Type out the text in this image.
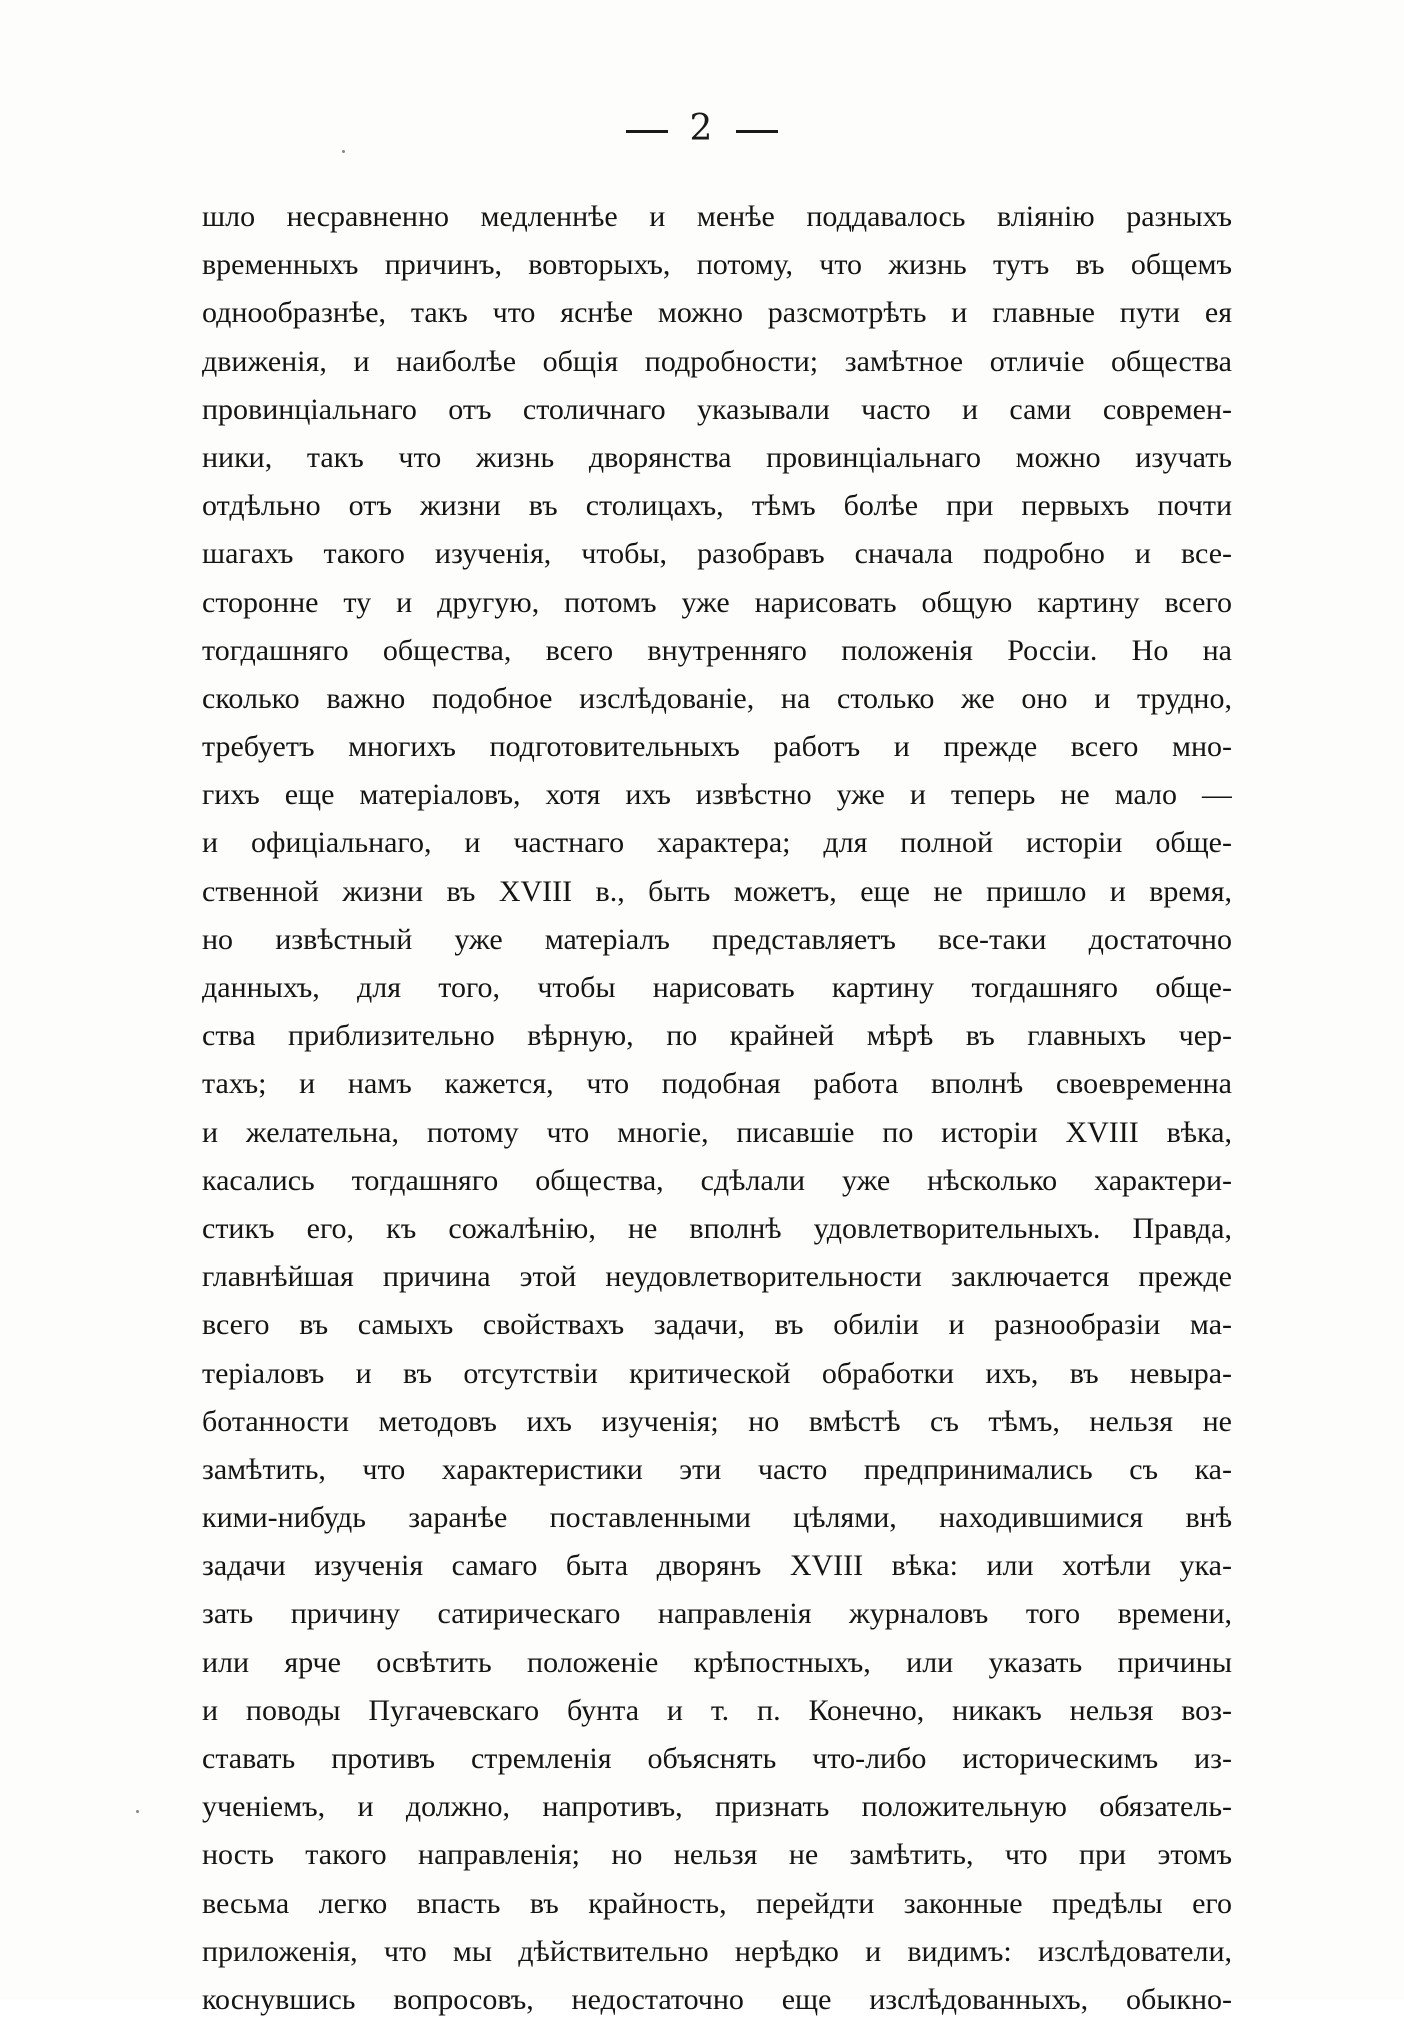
2
шло несравненно медленнѣе и менѣе поддавалось вліянію разныхъ
временныхъ причинъ, вовторыхъ, потому, что жизнь тутъ въ общемъ
однообразнѣе, такъ что яснѣе можно разсмотрѣть и главные пути ея
движенія, и наиболѣе общія подробности; замѣтное отличіе общества
провинціальнаго отъ столичнаго указывали часто и сами современ-
ники, такъ что жизнь дворянства провинціальнаго можно изучать
отдѣльно отъ жизни въ столицахъ, тѣмъ болѣе при первыхъ почти
шагахъ такого изученія, чтобы, разобравъ сначала подробно и все-
сторонне ту и другую, потомъ уже нарисовать общую картину всего
тогдашняго общества, всего внутренняго положенія Россіи. Но на
сколько важно подобное изслѣдованіе, на столько же оно и трудно,
требуетъ многихъ подготовительныхъ работъ и прежде всего мно-
гихъ еще матеріаловъ, хотя ихъ извѣстно уже и теперь не мало —
и офиціальнаго, и частнаго характера; для полной исторіи обще-
ственной жизни въ XVIII в., быть можетъ, еще не пришло и время,
но извѣстный уже матеріалъ представляетъ все-таки достаточно
данныхъ, для того, чтобы нарисовать картину тогдашняго обще-
ства приблизительно вѣрную, по крайней мѣрѣ въ главныхъ чер-
тахъ; и намъ кажется, что подобная работа вполнѣ своевременна
и желательна, потому что многіе, писавшіе по исторіи XVIII вѣка,
касались тогдашняго общества, сдѣлали уже нѣсколько характери-
стикъ его, къ сожалѣнію, не вполнѣ удовлетворительныхъ. Правда,
главнѣйшая причина этой неудовлетворительности заключается прежде
всего въ самыхъ свойствахъ задачи, въ обиліи и разнообразіи ма-
теріаловъ и въ отсутствіи критической обработки ихъ, въ невыра-
ботанности методовъ ихъ изученія; но вмѣстѣ съ тѣмъ, нельзя не
замѣтить, что характеристики эти часто предпринимались съ ка-
кими-нибудь заранѣе поставленными цѣлями, находившимися внѣ
задачи изученія самаго быта дворянъ XVIII вѣка: или хотѣли ука-
зать причину сатирическаго направленія журналовъ того времени,
или ярче освѣтить положеніе крѣпостныхъ, или указать причины
и поводы Пугачевскаго бунта и т. п. Конечно, никакъ нельзя воз-
ставать противъ стремленія объяснять что-либо историческимъ из-
ученіемъ, и должно, напротивъ, признать положительную обязатель-
ность такого направленія; но нельзя не замѣтить, что при этомъ
весьма легко впасть въ крайность, перейдти законные предѣлы его
приложенія, что мы дѣйствительно нерѣдко и видимъ: изслѣдователи,
коснувшись вопросовъ, недостаточно еще изслѣдованныхъ, обыкно-
